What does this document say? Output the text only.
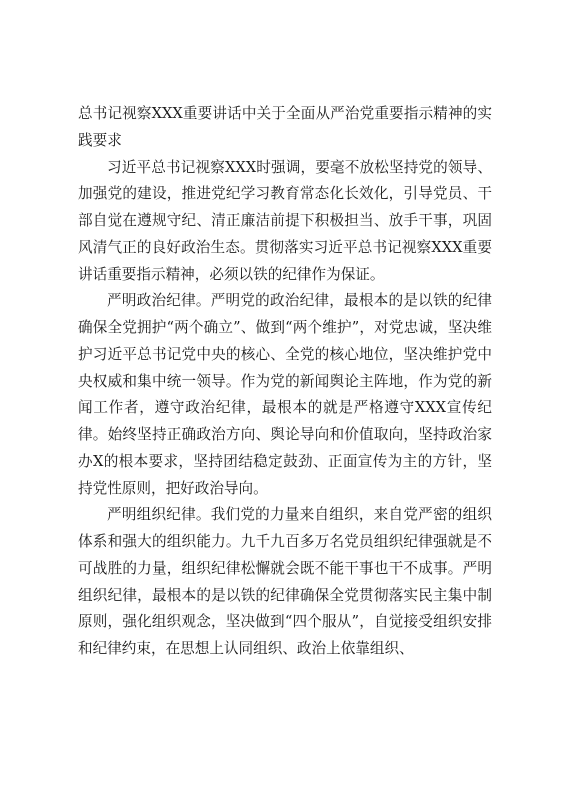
总书记视察XXX重要讲话中关于全面从严治党重要指示精神的实践要求

习近平总书记视察XXX时强调，要毫不放松坚持党的领导、加强党的建设，推进党纪学习教育常态化长效化，引导党员、干部自觉在遵规守纪、清正廉洁前提下积极担当、放手干事，巩固风清气正的良好政治生态。贯彻落实习近平总书记视察XXX重要讲话重要指示精神，必须以铁的纪律作为保证。

严明政治纪律。严明党的政治纪律，最根本的是以铁的纪律确保全党拥护“两个确立”、做到“两个维护”，对党忠诚，坚决维护习近平总书记党中央的核心、全党的核心地位，坚决维护党中央权威和集中统一领导。作为党的新闻舆论主阵地，作为党的新闻工作者，遵守政治纪律，最根本的就是严格遵守XXX宣传纪律。始终坚持正确政治方向、舆论导向和价值取向，坚持政治家办X的根本要求，坚持团结稳定鼓劲、正面宣传为主的方针，坚持党性原则，把好政治导向。

严明组织纪律。我们党的力量来自组织，来自党严密的组织体系和强大的组织能力。九千九百多万名党员组织纪律强就是不可战胜的力量，组织纪律松懈就会既不能干事也干不成事。严明组织纪律，最根本的是以铁的纪律确保全党贯彻落实民主集中制原则，强化组织观念，坚决做到“四个服从”，自觉接受组织安排和纪律约束，在思想上认同组织、政治上依靠组织、
